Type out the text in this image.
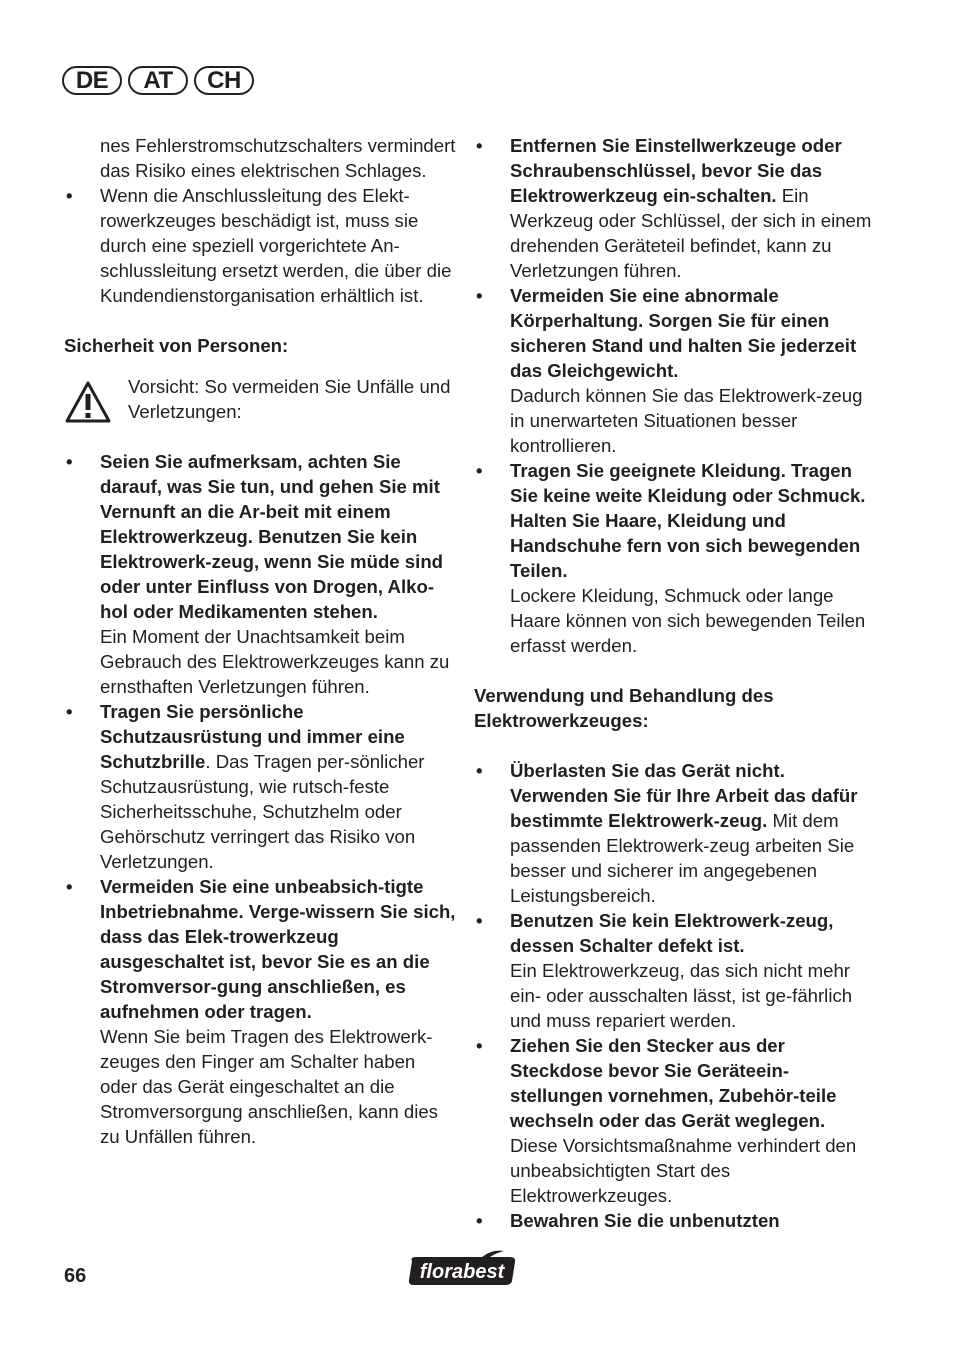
DE	AT	CH

nes Fehlerstromschutzschalters vermindert das Risiko eines elektrischen Schlages.

• Wenn die Anschlussleitung des Elekt-rowerkzeuges beschädigt ist, muss sie durch eine speziell vorgerichtete An-schlussleitung ersetzt werden, die über die Kundendienstorganisation erhältlich ist.

Sicherheit von Personen:

Vorsicht: So vermeiden Sie Unfälle und Verletzungen:

• Seien Sie aufmerksam, achten Sie darauf, was Sie tun, und gehen Sie mit Vernunft an die Ar-beit mit einem Elektrowerkzeug. Benutzen Sie kein Elektrowerk-zeug, wenn Sie müde sind oder unter Einfluss von Drogen, Alko-hol oder Medikamenten stehen.
Ein Moment der Unachtsamkeit beim Gebrauch des Elektrowerkzeuges kann zu ernsthaften Verletzungen führen.
• Tragen Sie persönliche Schutzausrüstung und immer eine Schutzbrille. Das Tragen per-sönlicher Schutzausrüstung, wie rutsch-feste Sicherheitsschuhe, Schutzhelm oder Gehörschutz verringert das Risiko von Verletzungen.
• Vermeiden Sie eine unbeabsich-tigte Inbetriebnahme. Verge-wissern Sie sich, dass das Elek-trowerkzeug ausgeschaltet ist, bevor Sie es an die Stromversor-gung anschließen, es aufnehmen oder tragen.
Wenn Sie beim Tragen des Elektrowerk-zeuges den Finger am Schalter haben oder das Gerät eingeschaltet an die Stromversorgung anschließen, kann dies zu Unfällen führen.
• Entfernen Sie Einstellwerkzeuge oder Schraubenschlüssel, bevor Sie das Elektrowerkzeug ein-schalten. Ein Werkzeug oder Schlüssel, der sich in einem drehenden Geräteteil befindet, kann zu Verletzungen führen.
• Vermeiden Sie eine abnormale Körperhaltung. Sorgen Sie für einen sicheren Stand und halten Sie jederzeit das Gleichgewicht.
Dadurch können Sie das Elektrowerk-zeug in unerwarteten Situationen besser kontrollieren.
• Tragen Sie geeignete Kleidung. Tragen Sie keine weite Kleidung oder Schmuck. Halten Sie Haare, Kleidung und Handschuhe fern von sich bewegenden Teilen.
Lockere Kleidung, Schmuck oder lange Haare können von sich bewegenden Teilen erfasst werden.

Verwendung und Behandlung des Elektrowerkzeuges:

• Überlasten Sie das Gerät nicht. Verwenden Sie für Ihre Arbeit das dafür bestimmte Elektrowerk-zeug. Mit dem passenden Elektrowerk-zeug arbeiten Sie besser und sicherer im angegebenen Leistungsbereich.
• Benutzen Sie kein Elektrowerk-zeug, dessen Schalter defekt ist.
Ein Elektrowerkzeug, das sich nicht mehr ein- oder ausschalten lässt, ist ge-fährlich und muss repariert werden.
• Ziehen Sie den Stecker aus der Steckdose bevor Sie Geräteein-stellungen vornehmen, Zubehör-teile wechseln oder das Gerät weglegen. Diese Vorsichtsmaßnahme verhindert den unbeabsichtigten Start des Elektrowerkzeuges.
• Bewahren Sie die unbenutzten
66	florabest
